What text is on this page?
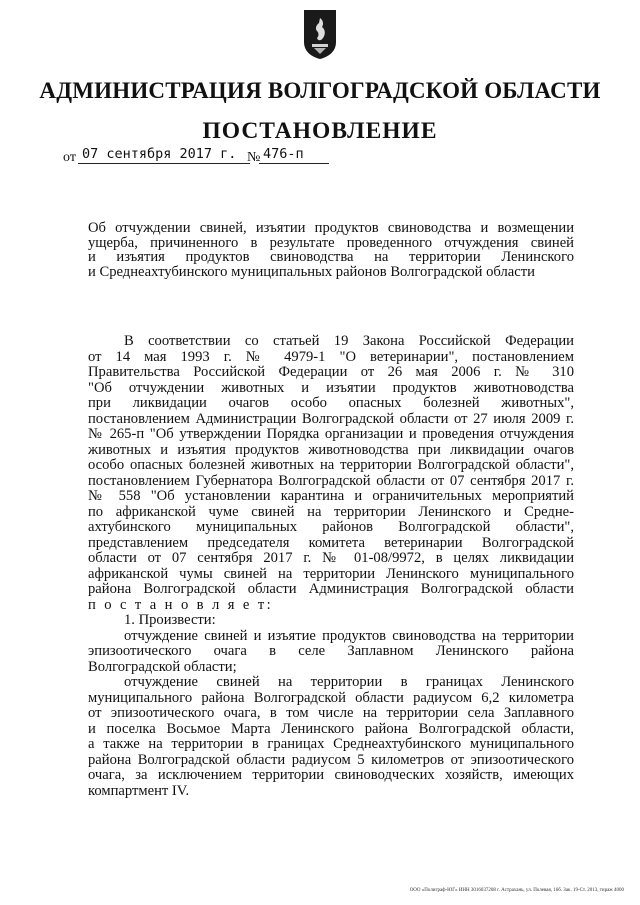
АДМИНИСТРАЦИЯ ВОЛГОГРАДСКОЙ ОБЛАСТИ
ПОСТАНОВЛЕНИЕ
от 07 сентября 2017 г. № 476-п
Об отчуждении свиней, изъятии продуктов свиноводства и возмещении
ущерба, причиненного в результате проведенного отчуждения свиней
и изъятия продуктов свиноводства на территории Ленинского
и Среднеахтубинского муниципальных районов Волгоградской области
В соответствии со статьей 19 Закона Российской Федерации
от 14 мая 1993 г. № 4979-1 "О ветеринарии", постановлением
Правительства Российской Федерации от 26 мая 2006 г. № 310
"Об отчуждении животных и изъятии продуктов животноводства
при ликвидации очагов особо опасных болезней животных",
постановлением Администрации Волгоградской области от 27 июля 2009 г.
№ 265-п "Об утверждении Порядка организации и проведения отчуждения
животных и изъятия продуктов животноводства при ликвидации очагов
особо опасных болезней животных на территории Волгоградской области",
постановлением Губернатора Волгоградской области от 07 сентября 2017 г.
№ 558 "Об установлении карантина и ограничительных мероприятий
по африканской чуме свиней на территории Ленинского и Средне-
ахтубинского муниципальных районов Волгоградской области",
представлением председателя комитета ветеринарии Волгоградской
области от 07 сентября 2017 г. № 01-08/9972, в целях ликвидации
африканской чумы свиней на территории Ленинского муниципального
района Волгоградской области Администрация Волгоградской области
п о с т а н о в л я е т:
1. Произвести:
отчуждение свиней и изъятие продуктов свиноводства на территории
эпизоотического очага в селе Заплавном Ленинского района
Волгоградской области;
отчуждение свиней на территории в границах Ленинского
муниципального района Волгоградской области радиусом 6,2 километра
от эпизоотического очага, в том числе на территории села Заплавного
и поселка Восьмое Марта Ленинского района Волгоградской области,
а также на территории в границах Среднеахтубинского муниципального
района Волгоградской области радиусом 5 километров от эпизоотического
очага, за исключением территории свиноводческих хозяйств, имеющих
компартмент IV.
ООО «Полиграф-ЮГ» ИНН 3016037208 г. Астрахань, ул. Полевая, 16б. Зак. 19-Ст. 2013, тираж 4000
